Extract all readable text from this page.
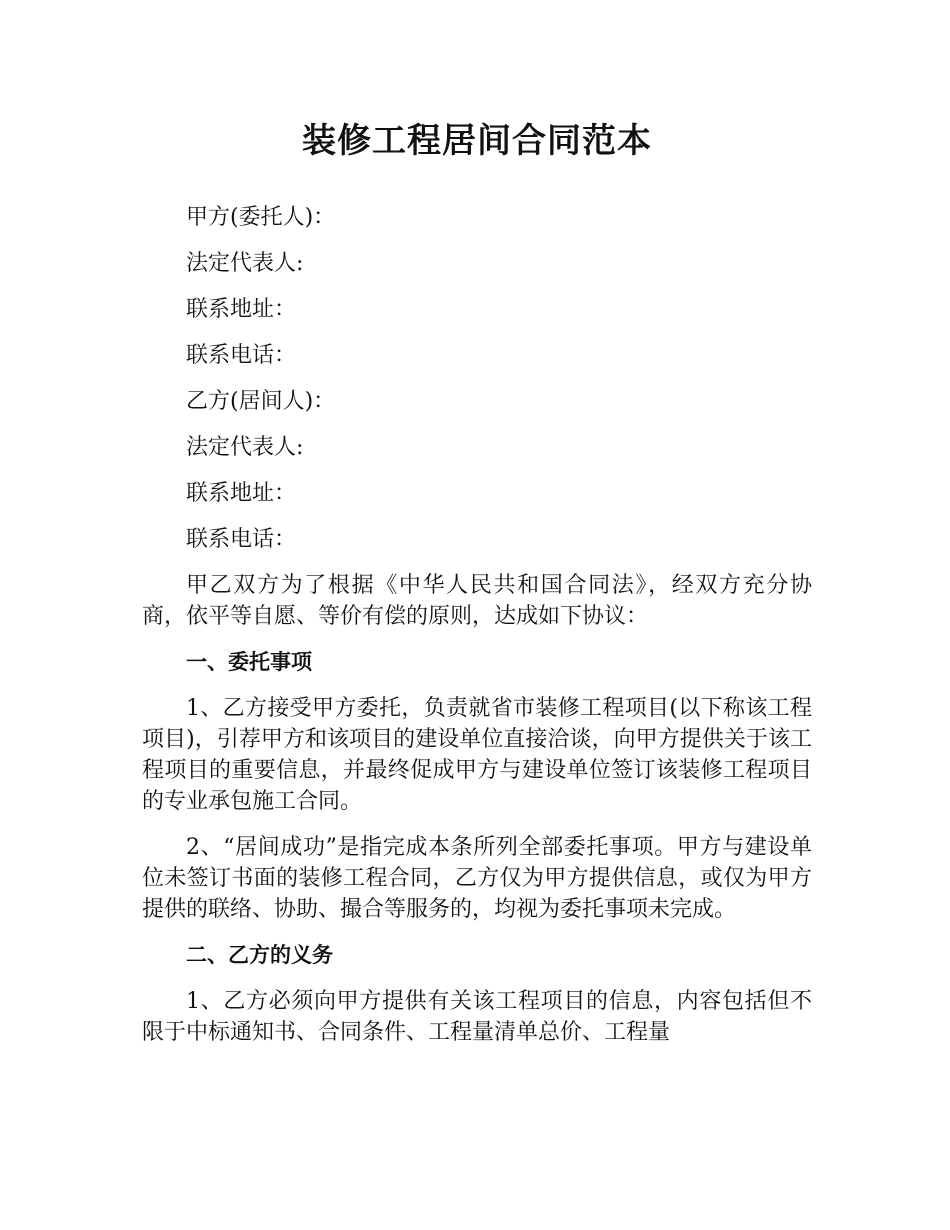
装修工程居间合同范本
甲方(委托人)：
法定代表人:
联系地址：
联系电话：
乙方(居间人)：
法定代表人:
联系地址：
联系电话：

甲乙双方为了根据《中华人民共和国合同法》，经双方充分协商，依平等自愿、等价有偿的原则，达成如下协议：

一、委托事项

1、乙方接受甲方委托，负责就省市装修工程项目(以下称该工程项目)，引荐甲方和该项目的建设单位直接洽谈，向甲方提供关于该工程项目的重要信息，并最终促成甲方与建设单位签订该装修工程项目的专业承包施工合同。

2、“居间成功”是指完成本条所列全部委托事项。甲方与建设单位未签订书面的装修工程合同，乙方仅为甲方提供信息，或仅为甲方提供的联络、协助、撮合等服务的，均视为委托事项未完成。

二、乙方的义务

1、乙方必须向甲方提供有关该工程项目的信息，内容包括但不限于中标通知书、合同条件、工程量清单总价、工程量
